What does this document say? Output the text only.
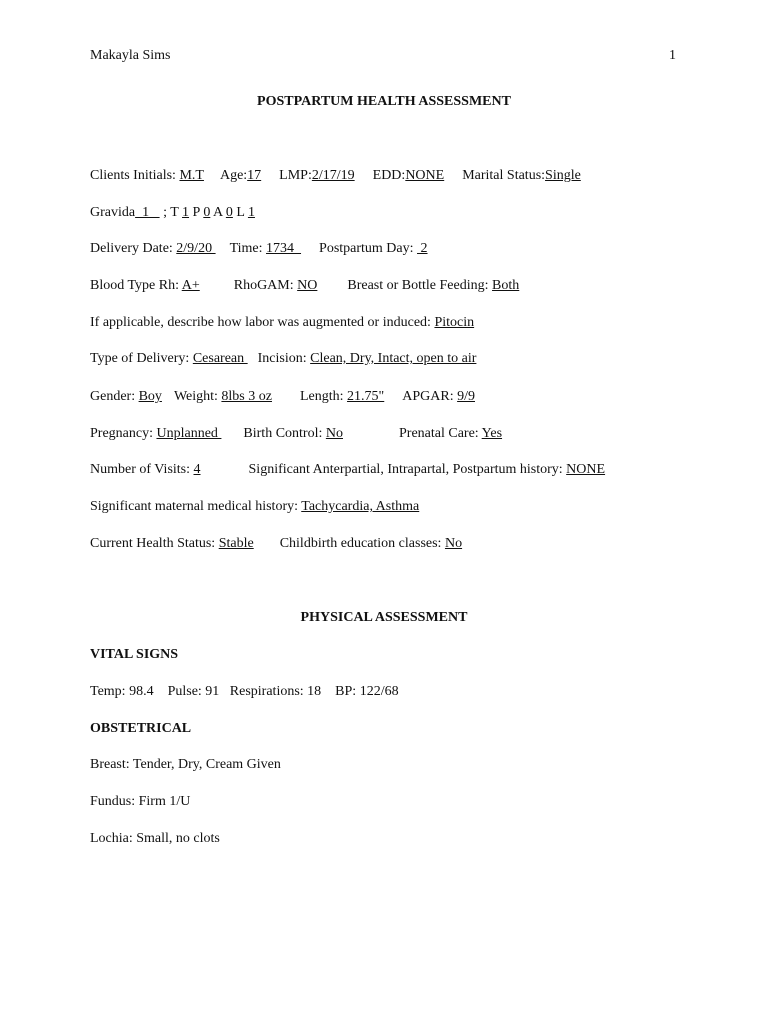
Makayla Sims	1
POSTPARTUM HEALTH ASSESSMENT
Clients Initials: M.T Age:17 LMP:2/17/19 EDD:NONE Marital Status:Single
Gravida  1    ; T 1 P 0 A 0 L 1
Delivery Date: 2/9/20 Time: 1734  Postpartum Day:  2
Blood Type Rh: A+ RhoGAM: NO Breast or Bottle Feeding: Both
If applicable, describe how labor was augmented or induced: Pitocin
Type of Delivery: Cesarean Incision: Clean, Dry, Intact, open to air
Gender: Boy Weight: 8lbs 3 oz Length: 21.75" APGAR: 9/9
Pregnancy: Unplanned Birth Control: No	Prenatal Care: Yes
Number of Visits: 4	Significant Anterpartial, Intrapartal, Postpartum history: NONE
Significant maternal medical history: Tachycardia, Asthma
Current Health Status: Stable Childbirth education classes: No
PHYSICAL ASSESSMENT
VITAL SIGNS
Temp: 98.4    Pulse: 91   Respirations: 18    BP: 122/68
OBSTETRICAL
Breast: Tender, Dry, Cream Given
Fundus: Firm 1/U
Lochia: Small, no clots
